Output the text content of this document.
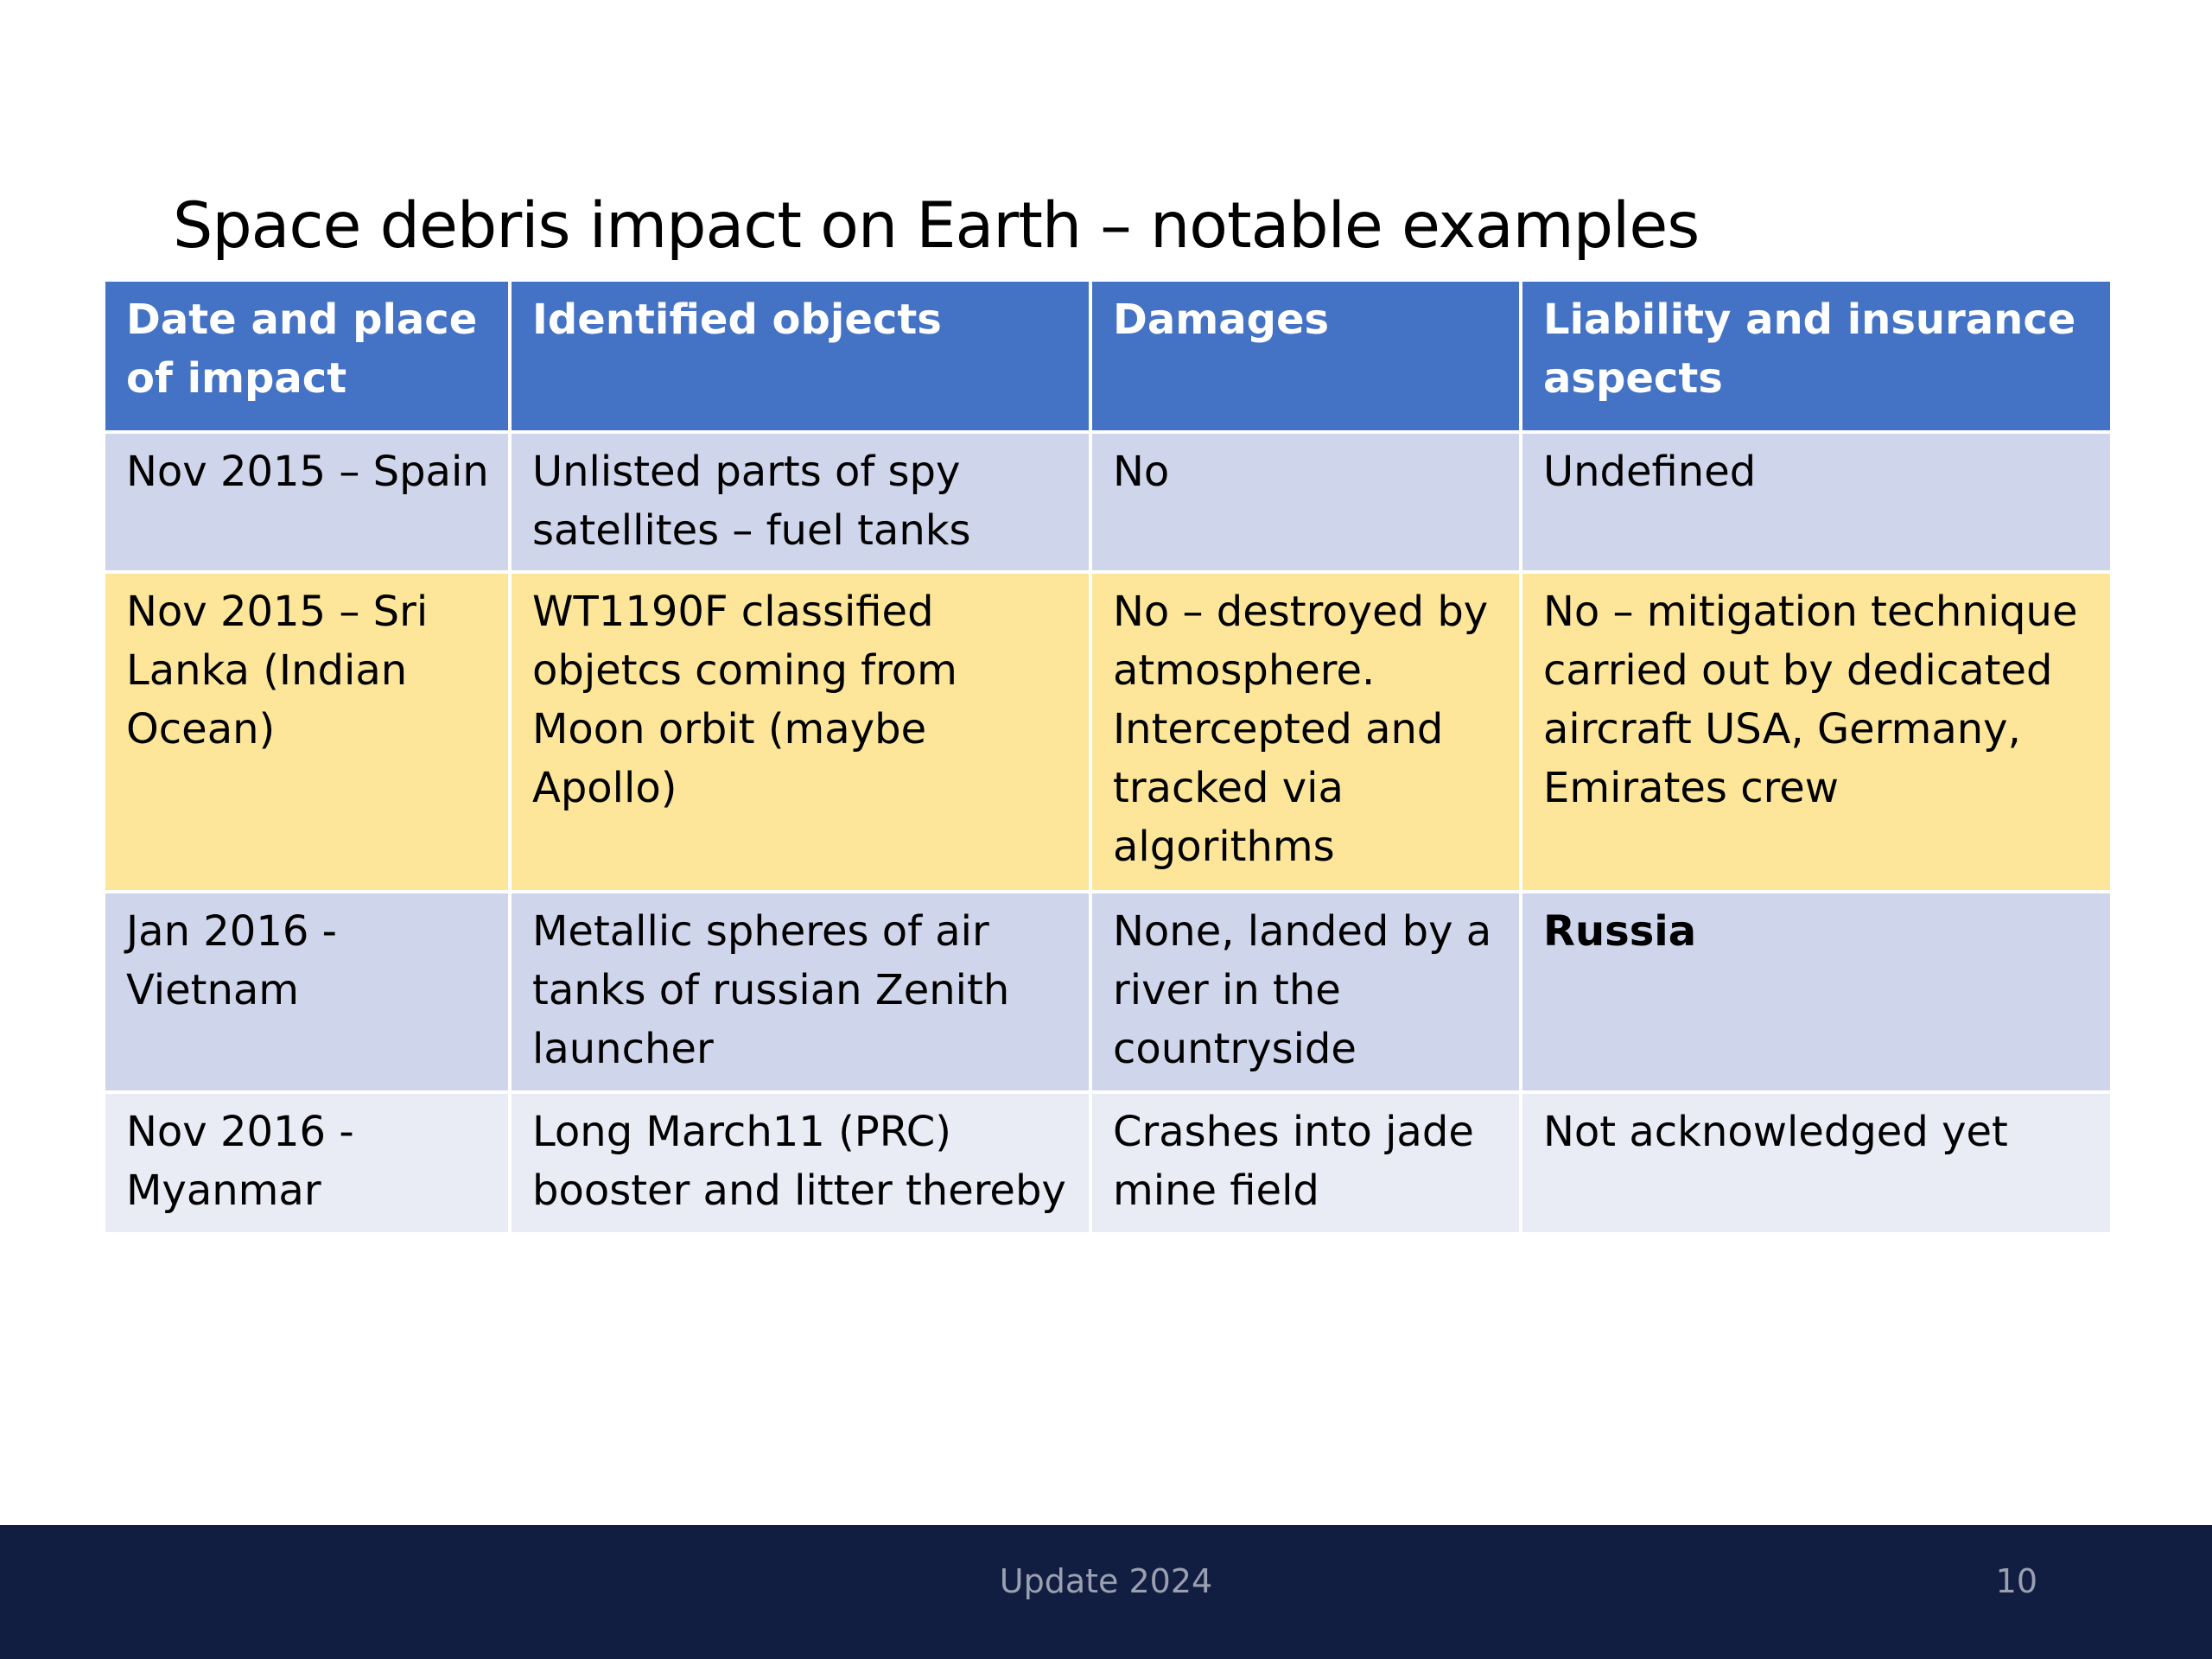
Space debris impact on Earth – notable examples
Date and place of impact	Identified objects	Damages	Liability and insurance aspects
Nov 2015 – Spain	Unlisted parts of spy satellites – fuel tanks	No	Undefined
Nov 2015 – Sri Lanka (Indian Ocean)	WT1190F classified objetcs coming from Moon orbit (maybe Apollo)	No – destroyed by atmosphere. Intercepted and tracked via algorithms	No – mitigation technique carried out by dedicated aircraft USA, Germany, Emirates crew
Jan 2016 - Vietnam	Metallic spheres of air tanks of russian Zenith launcher	None, landed by a river in the countryside	Russia
Nov 2016 - Myanmar	Long March11 (PRC) booster and litter thereby	Crashes into jade mine field	Not acknowledged yet

Update 2024	10
